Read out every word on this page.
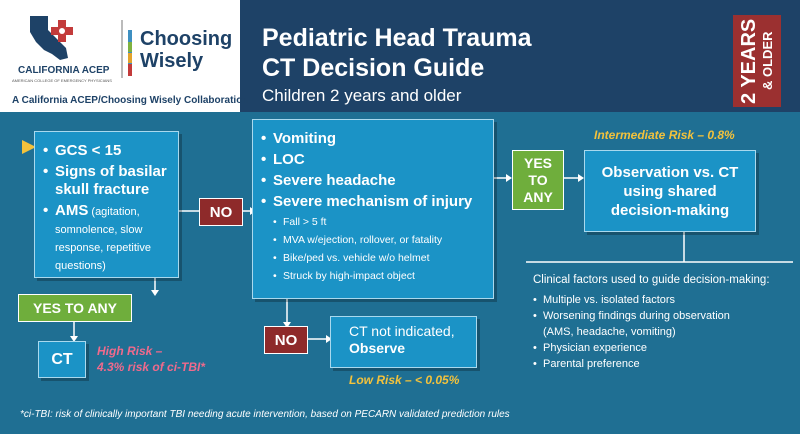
CALIFORNIA ACEP
AMERICAN COLLEGE OF EMERGENCY PHYSICIANS
Choosing
Wisely
A California ACEP/Choosing Wisely Collaboration
Pediatric Head Trauma
CT Decision Guide
Children 2 years and older	2 YEARS & OLDER
• GCS < 15
• Signs of basilar skull fracture
• AMS (agitation, somnolence, slow response, repetitive questions)
NO
• Vomiting
• LOC
• Severe headache
• Severe mechanism of injury
• Fall > 5 ft
• MVA w/ejection, rollover, or fatality
• Bike/ped vs. vehicle w/o helmet
• Struck by high-impact object
YES TO ANY
CT	High Risk –
4.3% risk of ci-TBI*
YES
TO
ANY
Intermediate Risk – 0.8%
Observation vs. CT using shared decision-making
NO
CT not indicated,
Observe
Low Risk – < 0.05%
Clinical factors used to guide decision-making:
• Multiple vs. isolated factors
• Worsening findings during observation
(AMS, headache, vomiting)
• Physician experience
• Parental preference
*ci-TBI: risk of clinically important TBI needing acute intervention, based on PECARN validated prediction rules
